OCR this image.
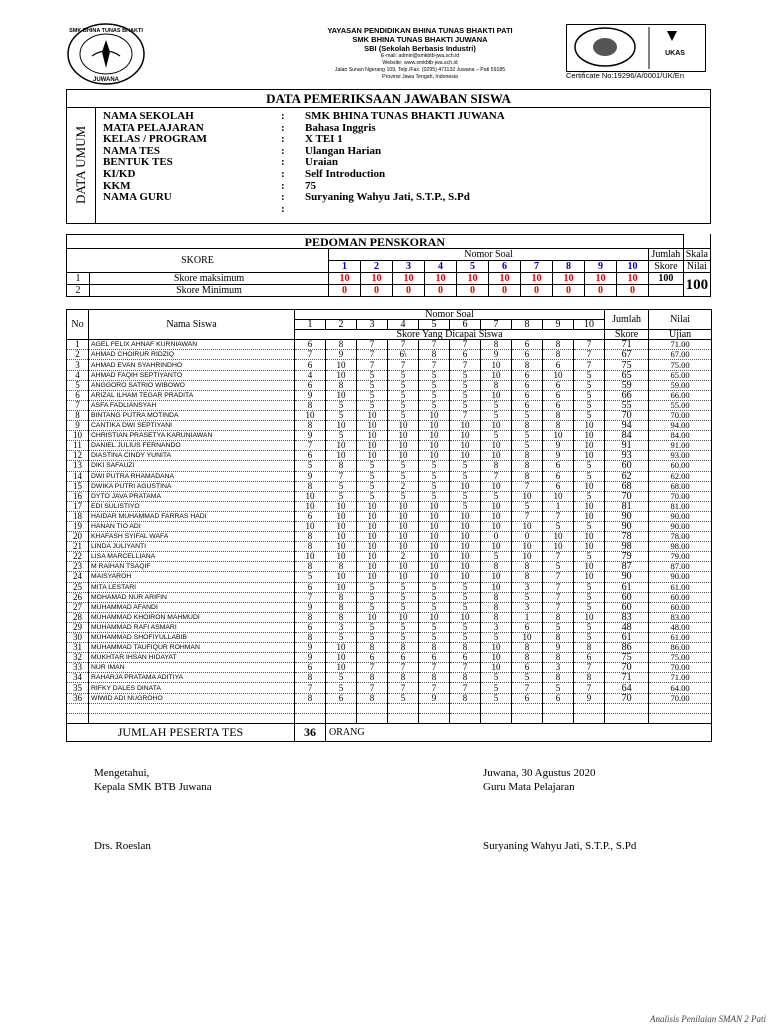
SMK BHINA TUNAS BHAKTI
JUWANA
YAYASAN PENDIDIKAN BHINA TUNAS BHAKTI PATI
SMK BHINA TUNAS BHAKTI JUWANA
SBI (Sekolah Berbasis Industri)
E-mail: admin@smkbtb-jwa.sch.id
Website: www.smkbtb-jwa.sch.id
Jalan Sunan Ngerang 109, Telp./Fax. (0295) 471132 Juwana – Pati 59185
Provinsi Jawa Tengah, Indonesia
UKAS
Certificate No:19296/A/0001/UK/En
DATA PEMERIKSAAN JAWABAN SISWA
DATA UMUM
NAMA SEKOLAH	:	SMK BHINA TUNAS BHAKTI JUWANA
MATA PELAJARAN	:	Bahasa Inggris
KELAS / PROGRAM	:	X TEI 1
NAMA TES	:	Ulangan Harian
BENTUK TES	:	Uraian
KI/KD	:	Self Introduction
KKM	:	75
NAMA GURU	:	Suryaning Wahyu Jati, S.T.P., S.Pd
:
PEDOMAN PENSKORAN													
SKORE		Nomor Soal										Jumlah	Skala
		1	2	3	4	5	6	7	8	9	10	Skore	Nilai
1	Skore maksimum	10	10	10	10	10	10	10	10	10	10	100	100
2	Skore Minimum	0	0	0	0	0	0	0	0	0	0		
No	Nama Siswa	Nomor Soal										Jumlah	Nilai
		1	2	3	4	5	6	7	8	9	10		
		Skore Yang Dicapai Siswa										Skore	Ujian
1	AGEL FELIX AHNAF KURNIAWAN	6	8	7	7	7	7	8	6	8	7	71	71.00
2	AHMAD CHOIRUR RIDZIQ	7	9	7	6\	8	6	9	6	8	7	67	67.00
3	AHMAD EVAN SYAHRINDHO	6	10	7	7	7	7	10	8	6	7	75	75.00
4	AHMAD FAQIH SEPTIYANTO	4	10	5	5	5	5	10	6	10	5	65	65.00
5	ANGGORO SATRIO WIBOWO	6	8	5	5	5	5	8	6	6	5	59	59.00
6	ARIZAL ILHAM TEGAR PRADITA	9	10	5	5	5	5	10	6	6	5	66	66.00
7	ASFA FADLIANSYAH	8	5	5	5	5	5	5	6	6	5	55	55.00
8	BINTANG PUTRA MOTINDA	10	5	10	5	10	7	5	5	8	5	70	70.00
9	CANTIKA DWI SEPTIYANI	8	10	10	10	10	10	10	8	8	10	94	94.00
10	CHRISTIAN PRASETYA KARUNIAWAN	9	5	10	10	10	10	5	5	10	10	84	84.00
11	DANIEL JULIUS FERNANDO	7	10	10	10	10	10	10	5	9	10	91	91.00
12	DIASTINA CINDY YUNITA	6	10	10	10	10	10	10	8	9	10	93	93.00
13	DIKI SAFAUZI	5	8	5	5	5	5	8	8	6	5	60	60.00
14	DWI PUTRA RHAMADANA	9	7	5	5	5	5	7	8	6	5	62	62.00
15	DWIKA PUTRI AGUSTINA	8	5	5	2	5	10	10	7	6	10	68	68.00
16	DYTO JAVA PRATAMA	10	5	5	5	5	5	5	10	10	5	70	70.00
17	EDI SULISTIYO	10	10	10	10	10	5	10	5	1	10	81	81.00
18	HAIDAR MUHAMMAD FARRAS HADI	6	10	10	10	10	10	10	7	7	10	90	90.00
19	HANAN TIO ADI	10	10	10	10	10	10	10	10	5	5	90	90.00
20	KHAFASH SYIFAL WAFA	8	10	10	10	10	10	0	0	10	10	78	78.00
21	LINDA JULIYANTI	8	10	10	10	10	10	10	10	10	10	98	98.00
22	LISA MARCELLIANA	10	10	10	2	10	10	5	10	7	5	79	79.00
23	M RAIHAN TSAQIF	8	8	10	10	10	10	8	8	5	10	87	87.00
24	MAISYAROH	5	10	10	10	10	10	10	8	7	10	90	90.00
25	MITA LESTARI	6	10	5	5	5	5	10	3	7	5	61	61.00
26	MOHAMAD NUR ARIFIN	7	8	5	5	5	5	8	5	7	5	60	60.00
27	MUHAMMAD AFANDI	9	8	5	5	5	5	8	3	7	5	60	60.00
28	MUHAMMAD KHOIRON MAHMUDI	8	8	10	10	10	10	8	1	8	10	83	83.00
29	MUHAMMAD RAFI ASMARI	6	3	5	5	5	5	3	6	5	5	48	48.00
30	MUHAMMAD SHOFIYULLABIB	8	5	5	5	5	5	5	10	8	5	61	61.00
31	MUHAMMAD TAUFIQUR ROHMAN	9	10	8	8	8	8	10	8	9	8	86	86.00
32	MUKHTAR IHSAN HIDAYAT	9	10	6	6	6	6	10	8	8	6	75	75.00
33	NUR IMAN	6	10	7	7	7	7	10	6	3	7	70	70.00
34	RAHARJA PRATAMA ADITIYA	8	5	8	8	8	8	5	5	8	8	71	71.00
35	RIFKY DALES DINATA	7	5	7	7	7	7	5	7	5	7	64	64.00
36	WIWID ADI NUGROHO	8	6	8	5	9	8	5	6	6	9	70	70.00

JUMLAH PESERTA TES		36	ORANG										
Mengetahui,
Kepala SMK BTB Juwana
Drs. Roeslan
Juwana, 30 Agustus 2020
Guru Mata Pelajaran
Suryaning Wahyu Jati, S.T.P., S.Pd
Analisis Penilaian SMAN 2 Pati
